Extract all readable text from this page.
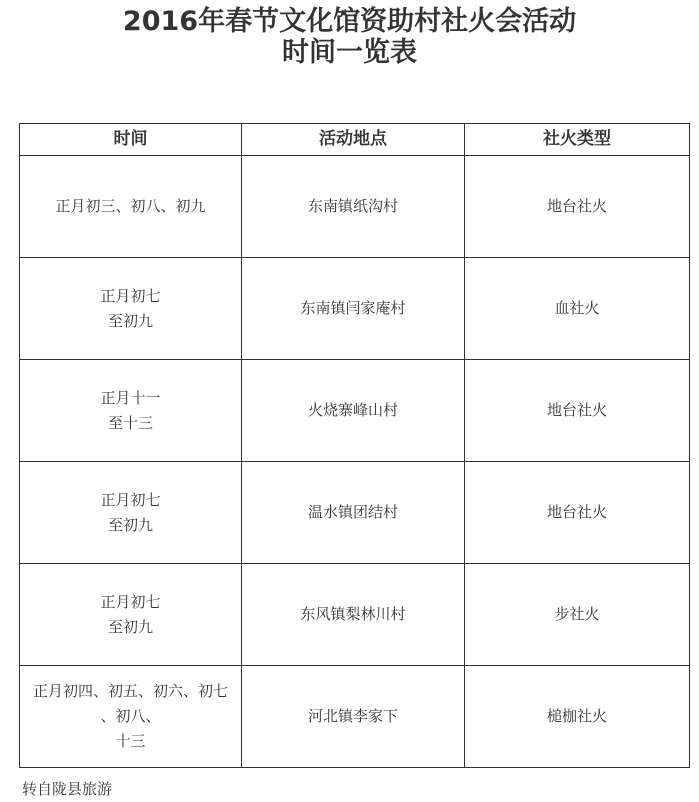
2016年春节文化馆资助村社火会活动
时间一览表
时间	活动地点	社火类型

正月初三、初八、初九	东南镇纸沟村	地台社火

正月初七
至初九	东南镇闫家庵村	血社火

正月十一
至十三	火烧寨峰山村	地台社火

正月初七
至初九	温水镇团结村	地台社火

正月初七
至初九	东风镇梨林川村	步社火

正月初四、初五、初六、初七
、初八、
十三	河北镇李家下	槌枷社火
转自陇县旅游
